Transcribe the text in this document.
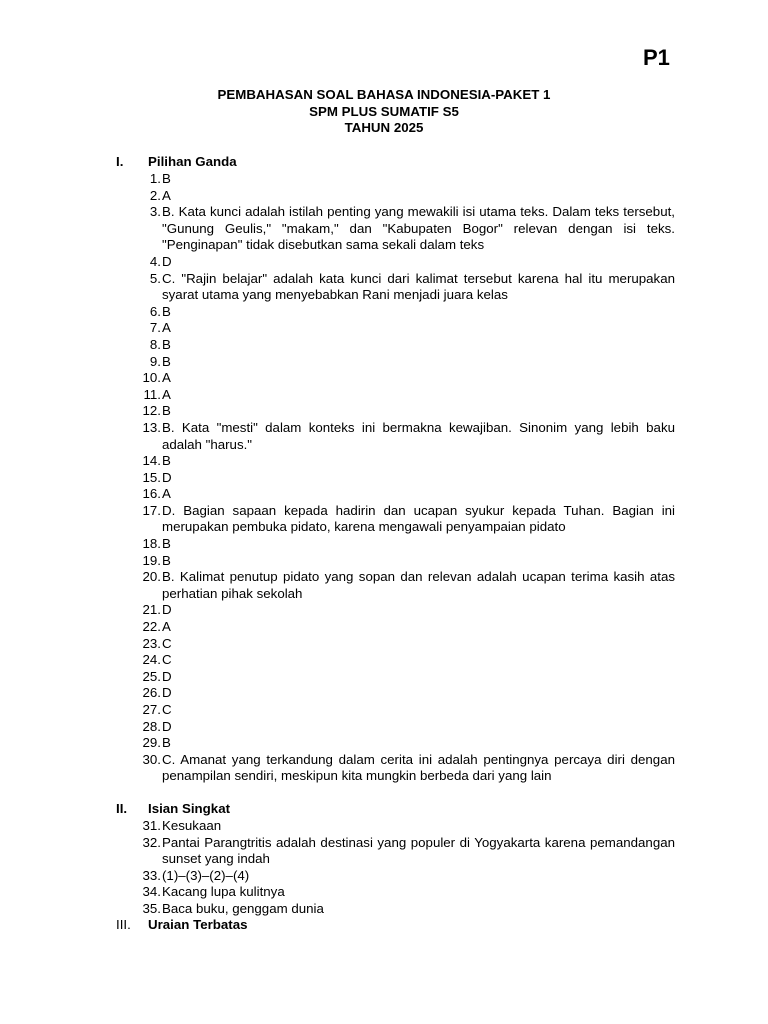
P1
PEMBAHASAN SOAL BAHASA INDONESIA-PAKET 1
SPM PLUS SUMATIF S5
TAHUN 2025
I. Pilihan Ganda
1. B
2. A
3. B. Kata kunci adalah istilah penting yang mewakili isi utama teks. Dalam teks tersebut, "Gunung Geulis," "makam," dan "Kabupaten Bogor" relevan dengan isi teks. "Penginapan" tidak disebutkan sama sekali dalam teks
4. D
5. C. "Rajin belajar" adalah kata kunci dari kalimat tersebut karena hal itu merupakan syarat utama yang menyebabkan Rani menjadi juara kelas
6. B
7. A
8. B
9. B
10. A
11. A
12. B
13. B. Kata "mesti" dalam konteks ini bermakna kewajiban. Sinonim yang lebih baku adalah "harus."
14. B
15. D
16. A
17. D. Bagian sapaan kepada hadirin dan ucapan syukur kepada Tuhan. Bagian ini merupakan pembuka pidato, karena mengawali penyampaian pidato
18. B
19. B
20. B. Kalimat penutup pidato yang sopan dan relevan adalah ucapan terima kasih atas perhatian pihak sekolah
21. D
22. A
23. C
24. C
25. D
26. D
27. C
28. D
29. B
30. C. Amanat yang terkandung dalam cerita ini adalah pentingnya percaya diri dengan penampilan sendiri, meskipun kita mungkin berbeda dari yang lain
II. Isian Singkat
31. Kesukaan
32. Pantai Parangtritis adalah destinasi yang populer di Yogyakarta karena pemandangan sunset yang indah
33. (1)–(3)–(2)–(4)
34. Kacang lupa kulitnya
35. Baca buku, genggam dunia
III. Uraian Terbatas
